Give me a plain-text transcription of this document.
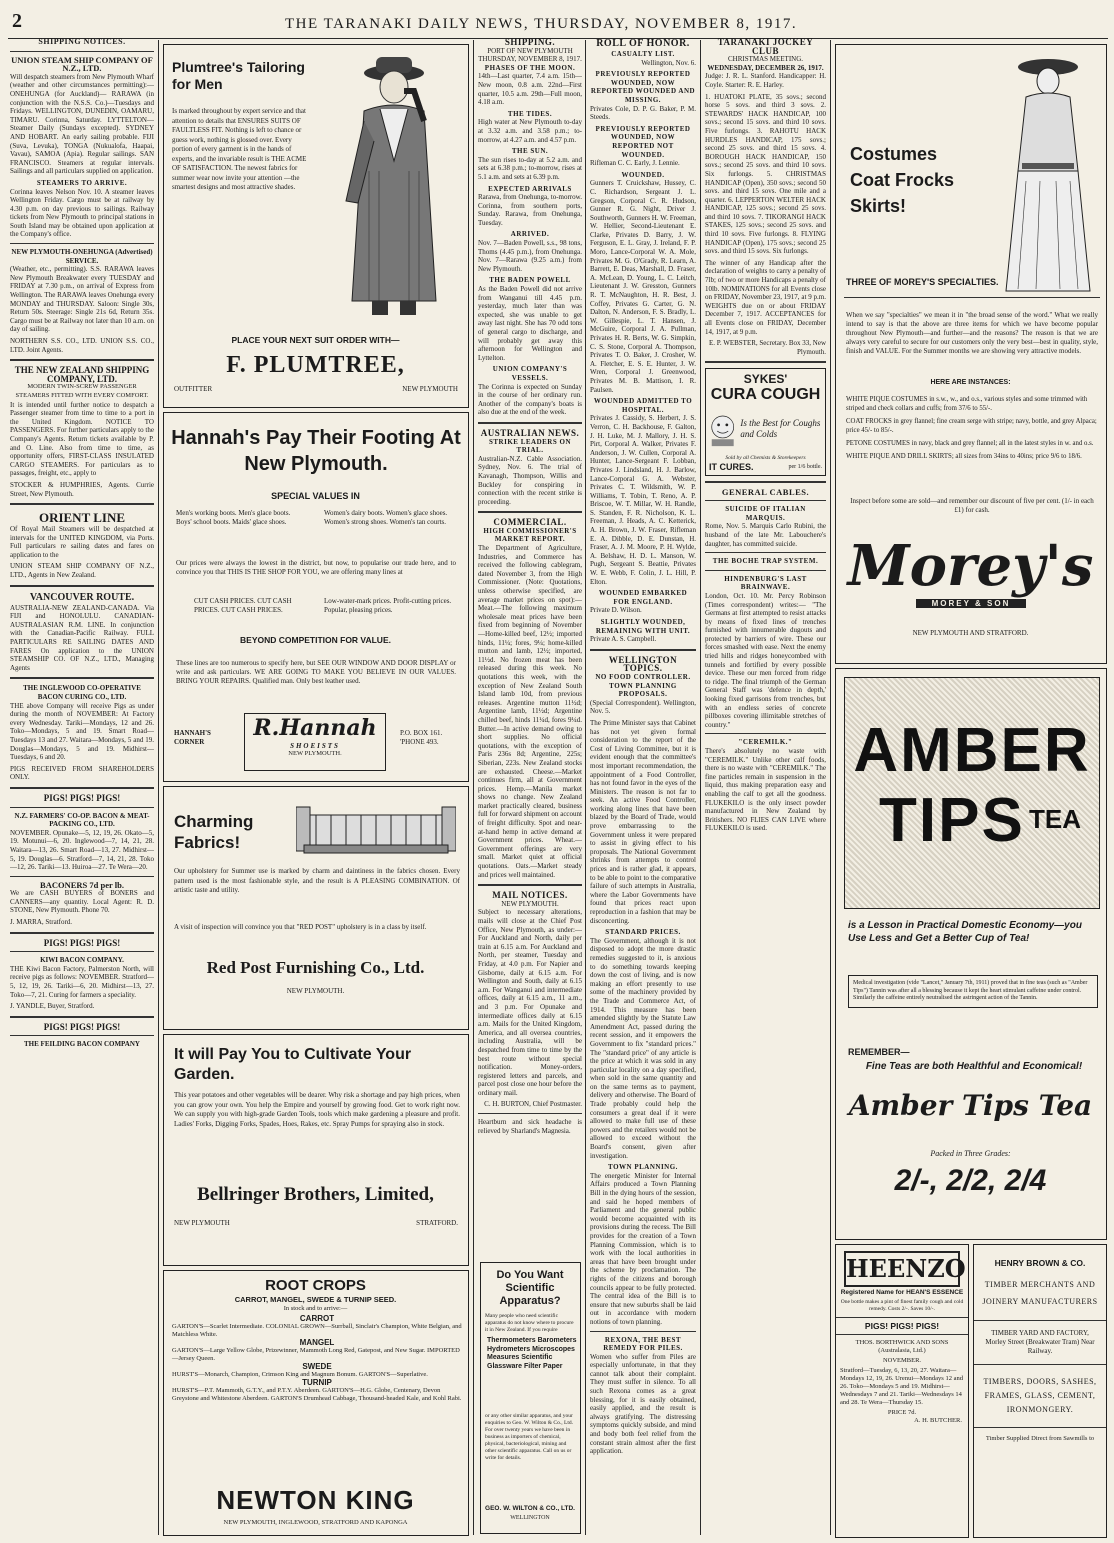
2	THE TARANAKI DAILY NEWS, THURSDAY, NOVEMBER 8, 1917.
SHIPPING NOTICES.
UNION STEAM SHIP COMPANY OF N.Z., LTD.

Will despatch steamers from New Plymouth Wharf (weather and other circumstances permitting):— ONEHUNGA (for Auckland)— RARAWA (in conjunction with the N.S.S. Co.)—Tuesdays and Fridays. WELLINGTON, DUNEDIN, OAMARU, TIMARU. Corinna, Saturday. LYTTELTON— Steamer Daily (Sundays excepted). SYDNEY AND HOBART. An early sailing probable. FIJI (Suva, Levuka), TONGA (Nukualofa, Haapai, Vavau), SAMOA (Apia). Regular sailings. SAN FRANCISCO. Steamers at regular intervals. Sailings and all particulars supplied on application.

STEAMERS TO ARRIVE.

Corinna leaves Nelson Nov. 10. A steamer leaves Wellington Friday. Cargo must be at railway by 4.30 p.m. on day previous to sailings. Railway tickets from New Plymouth to principal stations in South Island may be obtained upon application at the Company's office.

NEW PLYMOUTH-ONEHUNGA (Advertised) SERVICE.

(Weather, etc., permitting). S.S. RARAWA leaves New Plymouth Breakwater every TUESDAY and FRIDAY at 7.30 p.m., on arrival of Express from Wellington. The RARAWA leaves Onehunga every MONDAY and THURSDAY. Saloon: Single 30s, Return 50s. Steerage: Single 21s 6d, Return 35s. Cargo must be at Railway not later than 10 a.m. on day of sailing.

NORTHERN S.S. CO., LTD. UNION S.S. CO., LTD. Joint Agents.

THE NEW ZEALAND SHIPPING COMPANY, LTD.
MODERN TWIN-SCREW PASSENGER STEAMERS FITTED WITH EVERY COMFORT.

It is intended until further notice to despatch a Passenger steamer from time to time to a port in the United Kingdom. NOTICE TO PASSENGERS. For further particulars apply to the Company's Agents. Return tickets available by P. and O. Line. Also from time to time, as opportunity offers, FIRST-CLASS INSULATED CARGO STEAMERS. For particulars as to passages, freight, etc., apply to

STOCKER & HUMPHRIES, Agents. Currie Street, New Plymouth.

ORIENT LINE

Of Royal Mail Steamers will be despatched at intervals for the UNITED KINGDOM, via Ports. Full particulars re sailing dates and fares on application to the

UNION STEAM SHIP COMPANY OF N.Z., LTD., Agents in New Zealand.

VANCOUVER ROUTE.

AUSTRALIA-NEW ZEALAND-CANADA. Via FIJI and HONOLULU. CANADIAN-AUSTRALASIAN R.M. LINE. In conjunction with the Canadian-Pacific Railway. FULL PARTICULARS RE SAILING DATES AND FARES On application to the UNION STEAMSHIP CO. OF N.Z., LTD., Managing Agents

THE INGLEWOOD CO-OPERATIVE BACON CURING CO., LTD.

THE above Company will receive Pigs as under during the month of NOVEMBER: At Factory every Wednesday. Tariki—Mondays, 12 and 26. Toko—Mondays, 5 and 19. Smart Road—Tuesdays 13 and 27. Waitara—Mondays, 5 and 19. Douglas—Mondays, 5 and 19. Midhirst—Tuesdays, 6 and 20.

PIGS RECEIVED FROM SHAREHOLDERS ONLY.

PIGS! PIGS! PIGS!
N.Z. FARMERS' CO-OP. BACON & MEAT-PACKING CO., LTD.

NOVEMBER. Opunake—5, 12, 19, 26. Okato—5, 19. Motunui—6, 20. Inglewood—7, 14, 21, 28. Waitara—13, 26. Smart Road—13, 27. Midhirst—5, 19. Douglas—6. Stratford—7, 14, 21, 28. Toko—12, 26. Tariki—13. Huiroa—27. Te Wera—20.

BACONERS 7d per lb.

We are CASH BUYERS of BONERS and CANNERS—any quantity. Local Agent: R. D. STONE, New Plymouth. Phone 70.

J. MARRA, Stratford.

PIGS! PIGS! PIGS!
KIWI BACON COMPANY.

THE Kiwi Bacon Factory, Palmerston North, will receive pigs as follows: NOVEMBER. Stratford—5, 12, 19, 26. Tariki—6, 20. Midhirst—13, 27. Toko—7, 21. Curing for farmers a speciality.

J. YANDLE, Buyer, Stratford.

PIGS! PIGS! PIGS!
THE FEILDING BACON COMPANY
Plumtree's Tailoring for Men
Is marked throughout by expert service and that attention to details that ENSURES SUITS OF FAULTLESS FIT. Nothing is left to chance or guess work, nothing is glossed over. Every portion of every garment is in the hands of experts, and the invariable result is THE ACME OF SATISFACTION. The newest fabrics for summer wear now invite your attention —the smartest designs and most attractive shades.
PLACE YOUR NEXT SUIT ORDER WITH—
F. PLUMTREE,
OUTFITTER	NEW PLYMOUTH
Hannah's Pay Their Footing At New Plymouth.
SPECIAL VALUES IN
Men's working boots. Men's glace boots. Boys' school boots. Maids' glace shoes.
Women's dairy boots. Women's glace shoes. Women's strong shoes. Women's tan courts.
Our prices were always the lowest in the district, but now, to popularise our trade here, and to convince you that THIS IS THE SHOP FOR YOU, we are offering many lines at
CUT CASH PRICES. CUT CASH PRICES. CUT CASH PRICES.
Low-water-mark prices. Profit-cutting prices. Popular, pleasing prices.
BEYOND COMPETITION FOR VALUE.
These lines are too numerous to specify here, but SEE OUR WINDOW AND DOOR DISPLAY or write and ask particulars. WE ARE GOING TO MAKE YOU BELIEVE IN OUR VALUES. BRING YOUR REPAIRS. Qualified man. Only best leather used.
HANNAH'S CORNER
R.Hannah
SHOEISTS
NEW PLYMOUTH.
P.O. BOX 161. 'PHONE 493.
Charming Fabrics!
Our upholstery for Summer use is marked by charm and daintiness in the fabrics chosen. Every pattern used is the most fashionable style, and the result is A PLEASING COMBINATION. Of artistic taste and utility.
A visit of inspection will convince you that "RED POST" upholstery is in a class by itself.
Red Post Furnishing Co., Ltd.
NEW PLYMOUTH.
It will Pay You to Cultivate Your Garden.
This year potatoes and other vegetables will be dearer. Why risk a shortage and pay high prices, when you can grow your own. You help the Empire and yourself by growing food. Get to work right now. We can supply you with high-grade Garden Tools, tools which make gardening a pleasure and profit. Ladies' Forks, Digging Forks, Spades, Hoes, Rakes, etc. Spray Pumps for spraying also in stock.
Bellringer Brothers, Limited,
NEW PLYMOUTH	STRATFORD.
ROOT CROPS
CARROT, MANGEL, SWEDE & TURNIP SEED.
In stock and to arrive:—
CARROT
GARTON'S—Scarlet Intermediate. COLONIAL GROWN—Surrball, Sinclair's Champion, White Belgian, and Matchless White.
MANGEL
GARTON'S—Large Yellow Globe, Prizewinner, Mammoth Long Red, Gatepost, and New Sugar. IMPORTED—Jersey Queen.
SWEDE
HURST'S—Monarch, Champion, Crimson King and Magnum Bonum. GARTON'S—Superlative.
TURNIP
HURST'S—P.T. Mammoth, G.T.Y., and P.T.Y. Aberdeen. GARTON'S—H.G. Globe, Centenary, Devon Greystone and Whitestone Aberdeen. GARTON'S Drumhead Cabbage, Thousand-headed Kale, and Kohl Rabi.
NEWTON KING
NEW PLYMOUTH, INGLEWOOD, STRATFORD AND KAPONGA
SHIPPING.
PORT OF NEW PLYMOUTH
THURSDAY, NOVEMBER 8, 1917.
PHASES OF THE MOON.

14th—Last quarter, 7.4 a.m. 15th—New moon, 0.8 a.m. 22nd—First quarter, 10.5 a.m. 29th—Full moon, 4.18 a.m.

THE TIDES.

High water at New Plymouth to-day at 3.32 a.m. and 3.58 p.m.; to-morrow, at 4.27 a.m. and 4.57 p.m.

THE SUN.

The sun rises to-day at 5.2 a.m. and sets at 6.38 p.m.; to-morrow, rises at 5.1 a.m. and sets at 6.39 p.m.

EXPECTED ARRIVALS

Rarawa, from Onehunga, to-morrow. Corinna, from southern ports, Sunday. Rarawa, from Onehunga, Tuesday.

ARRIVED.

Nov. 7—Baden Powell, s.s., 98 tons, Thoms (4.45 p.m.), from Onehunga. Nov. 7—Rarawa (9.25 a.m.) from New Plymouth.

THE BADEN POWELL

As the Baden Powell did not arrive from Wanganui till 4.45 p.m. yesterday, much later than was expected, she was unable to get away last night. She has 70 odd tons of general cargo to discharge, and will probably get away this afternoon for Wellington and Lyttelton.

UNION COMPANY'S VESSELS.

The Corinna is expected on Sunday in the course of her ordinary run. Another of the company's boats is also due at the end of the week.

AUSTRALIAN NEWS.
STRIKE LEADERS ON TRIAL.

Australian-N.Z. Cable Association. Sydney, Nov. 6. The trial of Kavanagh, Thompson, Willis and Buckley for conspiring in connection with the recent strike is proceeding.

COMMERCIAL.
HIGH COMMISSIONER'S MARKET REPORT.

The Department of Agriculture, Industries, and Commerce has received the following cablegram, dated November 3, from the High Commissioner. (Note: Quotations, unless otherwise specified, are average market prices on spot):— Meat.—The following maximum wholesale meat prices have been fixed from beginning of November—Home-killed beef, 12½; imported hinds, 11¼; fores, 9¼; home-killed mutton and lamb, 12½; imported, 11½d. No frozen meat has been released during this week. No quotations this week, with the exception of New Zealand South Island lamb 10d, from previous releases. Argentine mutton 11½d; Argentine lamb, 11½d; Argentine chilled beef, hinds 11¼d, fores 9¼d. Butter.—In active demand owing to short supplies. No official quotations, with the exception of Paris 236s 8d; Argentine, 225s; Siberian, 223s. New Zealand stocks are exhausted. Cheese.—Market continues firm, all at Government prices. Hemp.—Manila market shows no change. New Zealand market practically cleared, business full for forward shipment on account of freight difficulty. Spot and near-at-hand hemp in active demand at Government prices. Wheat.—Government offerings are very small. Market quiet at official quotations. Oats.—Market steady and prices well maintained.

MAIL NOTICES.
NEW PLYMOUTH.

Subject to necessary alterations, mails will close at the Chief Post Office, New Plymouth, as under:— For Auckland and North, daily per train at 6.15 a.m. For Auckland and North, per steamer, Tuesday and Friday, at 4.0 p.m. For Napier and Gisborne, daily at 6.15 a.m. For Wellington and South, daily at 6.15 a.m. For Wanganui and intermediate offices, daily at 6.15 a.m., 11 a.m., and 3 p.m. For Opunake and intermediate offices daily at 6.15 a.m. Mails for the United Kingdom, America, and all oversea countries, including Australia, will be despatched from time to time by the best route without special notification. Money-orders, registered letters and parcels, and parcel post close one hour before the ordinary mail.

C. H. BURTON, Chief Postmaster.

Heartburn and sick headache is relieved by Sharland's Magnesia.

Do You Want Scientific Apparatus?
Many people who need scientific apparatus do not know where to procure it in New Zealand. If you require
Thermometers Barometers Hydrometers Microscopes Measures Scientific Glassware Filter Paper
or any other similar apparatus, and your enquiries to Geo. W. Wilton & Co., Ltd. For over twenty years we have been in business as importers of chemical, physical, bacteriological, mining and other scientific apparatus. Call on us or write for details.
GEO. W. WILTON & CO., LTD.
WELLINGTON
ROLL OF HONOR.
CASUALTY LIST.

Wellington, Nov. 6.

PREVIOUSLY REPORTED WOUNDED, NOW REPORTED WOUNDED AND MISSING.

Privates Cole, D. P. G. Baker, P. M. Steeds.

PREVIOUSLY REPORTED WOUNDED, NOW REPORTED NOT WOUNDED.

Rifleman C. C. Early, J. Lennie.

WOUNDED.

Gunners T. Cruickshaw, Hussey, C. C. Richardson, Sergeant J. L. Gregson, Corporal C. R. Hudson, Gunner R. G. Night, Driver J. Southworth, Gunners H. W. Freeman, W. Hellier, Second-Lieutenant E. Clarke, Privates D. Barry, J. W. Ferguson, E. L. Gray, J. Ireland, F. P. Moro, Lance-Corporal W. A. Mole, Privates M. G. O'Grady, R. Learn, A. Barrett, E. Deas, Marshall, D. Fraser, A. McLean, D. Young, L. C. Leitch, Lieutenant J. W. Gresston, Gunners R. T. McNaughton, H. R. Best, J. Coffey, Privates G. Carter, G. N. Dalton, N. Anderson, F. S. Bradly, L. W. Gillespie, L. T. Hansen, J. McGuire, Corporal J. A. Pullman, Privates H. R. Berts, W. G. Simpkin, C. S. Stone, Corporal A. Thompson, Privates T. O. Baker, J. Crosher, W. A. Fletcher, E. S. E. Hunter, J. W. Wren, Corporal J. Greenwood, Privates M. B. Mattison, I. R. Paulsen.

WOUNDED ADMITTED TO HOSPITAL.

Privates J. Cassidy, S. Herbert, J. S. Verron, C. H. Backhouse, F. Galton, J. H. Luke, M. J. Mallory, J. H. S. Pirt, Corporal A. Walker, Privates F. Anderson, J. W. Cullen, Corporal A. Hunter, Lance-Sergeant F. Lobban, Privates J. Lindsland, H. J. Barlow, Lance-Corporal G. A. Webster, Privates C. T. Wildsmith, W. P. Williams, T. Tobin, T. Reno, A. P. Briscoe, W. T. Millar, W. H. Randle, S. Standen, F. R. Nicholson, K. L. Freeman, J. Heads, A. C. Ketterick, A. H. Brown, J. W. Fraser, Rifleman E. A. Dibble, D. E. Dunstan, H. Fraser, A. J. M. Moore, P. H. Wylde, A. Belshaw, H. D. L. Manson, W. Pugh, Sergeant S. Beattie, Privates W. E. Webb, F. Colin, J. L. Hill, P. Elton.

WOUNDED EMBARKED FOR ENGLAND.

Private D. Wilson.

SLIGHTLY WOUNDED, REMAINING WITH UNIT.

Private A. S. Campbell.

WELLINGTON TOPICS.
NO FOOD CONTROLLER.
TOWN PLANNING PROPOSALS.

(Special Correspondent). Wellington, Nov. 5.

The Prime Minister says that Cabinet has not yet given formal consideration to the report of the Cost of Living Committee, but it is evident enough that the committee's most important recommendation, the appointment of a Food Controller, has not found favor in the eyes of the Ministers. The reason is not far to seek. An active Food Controller, working along lines that have been blazed by the Board of Trade, would prove embarrassing to the Government unless it were prepared to assist in giving effect to his proposals. The National Government shrinks from attempts to control prices and is rather glad, it appears, to be able to point to the comparative failure of such attempts in Australia, where the Labor Governments have found that prices react upon reproduction in a fashion that may be disconcerting.

STANDARD PRICES.

The Government, although it is not disposed to adopt the more drastic remedies suggested to it, is anxious to do something towards keeping down the cost of living, and is now making an effort presently to use some of the machinery provided by the Trade and Commerce Act, of 1914. This measure has been amended slightly by the Statute Law Amendment Act, passed during the recent session, and it empowers the Government to fix "standard prices." The "standard price" of any article is the price at which it was sold in any particular locality on a day specified, when sold in the same quantity and on the same terms as to payment, delivery and otherwise. The Board of Trade probably could help the consumers a great deal if it were allowed to make full use of these powers and the retailers would not be allowed to exceed without the Board's consent, given after investigation.

TOWN PLANNING.

The energetic Minister for Internal Affairs produced a Town Planning Bill in the dying hours of the session, and said he hoped members of Parliament and the general public would become acquainted with its provisions during the recess. The Bill provides for the creation of a Town Planning Commission, which is to work with the local authorities in areas that have been brought under the scheme by proclamation. The rights of the citizens and borough councils appear to be fully protected. The central idea of the Bill is to ensure that new suburbs shall be laid out in accordance with modern notions of town planning.

REXONA, THE BEST REMEDY FOR PILES.

Women who suffer from Piles are especially unfortunate, in that they cannot talk about their complaint. They must suffer in silence. To all such Rexona comes as a great blessing, for it is easily obtained, easily applied, and the result is always gratifying. The distressing symptoms quickly subside, and mind and body both feel relief from the constant strain almost after the first application.

TARANAKI JOCKEY CLUB
CHRISTMAS MEETING.
WEDNESDAY, DECEMBER 26, 1917.

Judge: J. R. L. Stanford. Handicapper: H. Coyle. Starter: R. E. Harley.

1. HUATOKI PLATE, 35 sovs.; second horse 5 sovs. and third 3 sovs. 2. STEWARDS' HACK HANDICAP, 100 sovs.; second 15 sovs. and third 10 sovs. Five furlongs. 3. RAHOTU HACK HURDLES HANDICAP, 175 sovs.; second 25 sovs. and third 15 sovs. 4. BOROUGH HACK HANDICAP, 150 sovs.; second 25 sovs. and third 10 sovs. Six furlongs. 5. CHRISTMAS HANDICAP (Open), 350 sovs.; second 50 sovs. and third 15 sovs. One mile and a quarter. 6. LEPPERTON WELTER HACK HANDICAP, 125 sovs.; second 25 sovs. and third 10 sovs. 7. TIKORANGI HACK STAKES, 125 sovs.; second 25 sovs. and third 10 sovs. Five furlongs. 8. FLYING HANDICAP (Open), 175 sovs.; second 25 sovs. and third 15 sovs. Six furlongs.

The winner of any Handicap after the declaration of weights to carry a penalty of 7lb; of two or more Handicaps a penalty of 10lb. NOMINATIONS for all Events close on FRIDAY, November 23, 1917, at 9 p.m. WEIGHTS due on or about FRIDAY December 7, 1917. ACCEPTANCES for all Events close on FRIDAY, December 14, 1917, at 9 p.m.

E. P. WEBSTER, Secretary. Box 33, New Plymouth.

SYKES'
CURA COUGH
Is the Best for Coughs and Colds
Sold by all Chemists & Storekeepers
IT CURES.	per 1/6 bottle.
GENERAL CABLES.
SUICIDE OF ITALIAN MARQUIS.

Rome, Nov. 5. Marquis Carlo Rubini, the husband of the late Mr. Labouchere's daughter, has committed suicide.

THE BOCHE TRAP SYSTEM.
HINDENBURG'S LAST BRAINWAVE.

London, Oct. 10. Mr. Percy Robinson (Times correspondent) writes:— "The Germans at first attempted to resist attacks by means of fixed lines of trenches furnished with innumerable dugouts and protected by barriers of wire. These our forces smashed with ease. Next the enemy tried hills and ridges honeycombed with tunnels and fortified by every possible device. These our men forced from ridge to ridge. The final triumph of the German General Staff was 'defence in depth,' looking fixed garrisons from trenches, but with an endless series of concrete pillboxes covering illimitable stretches of country."

"CEREMILK."

There's absolutely no waste with "CEREMILK." Unlike other calf foods, there is no waste with "CEREMILK." The fine particles remain in suspension in the liquid, thus making preparation easy and enabling the calf to get all the goodness. FLUKEKILO is the only insect powder manufactured in New Zealand by Britishers. NO FLIES CAN LIVE where FLUKEKILO is used.

Costumes
Coat Frocks
Skirts!
THREE OF MOREY'S SPECIALTIES.
When we say "specialties" we mean it in "the broad sense of the word." What we really intend to say is that the above are three items for which we have become popular throughout New Plymouth—and further—and the reasons? The reason is that we are always very careful to secure for our customers only the very best—best in quality, style, finish and VALUE. For the Summer months we are showing very attractive models.
HERE ARE INSTANCES:

WHITE PIQUE COSTUMES in s.w., w., and o.s., various styles and some trimmed with striped and check collars and cuffs; from 37/6 to 55/-.

COAT FROCKS in grey flannel; fine cream serge with stripe; navy, bottle, and grey Alpaca; price 45/- to 85/-.

PETONE COSTUMES in navy, black and grey flannel; all in the latest styles in w. and o.s.

WHITE PIQUE AND DRILL SKIRTS; all sizes from 34ins to 40ins; price 9/6 to 18/6.

Inspect before some are sold—and remember our discount of five per cent. (1/- in each £1) for cash.
Morey's
MOREY & SON
NEW PLYMOUTH AND STRATFORD.
AMBER
TIPS TEA
is a Lesson in Practical Domestic Economy—you Use Less and Get a Better Cup of Tea!
Medical investigation (vide "Lancet," January 7th, 1911) proved that in fine teas (such as "Amber Tips") Tannin was after all a blessing because it kept the heart stimulant caffeine under control. Similarly the caffeine entirely neutralised the astringent action of the Tannin.
REMEMBER—
Fine Teas are both Healthful and Economical!
Amber Tips Tea
Packed in Three Grades:
2/-, 2/2, 2/4
HEENZO
Registered Name for HEAN'S ESSENCE
One bottle makes a pint of finest family cough and cold remedy. Costs 2/-. Saves 10/-.
PIGS! PIGS! PIGS!
THOS. BORTHWICK AND SONS (Australasia, Ltd.)
NOVEMBER.
Stratford—Tuesday, 6, 13, 20, 27. Waitara—Mondays 12, 19, 26. Urenui—Mondays 12 and 26. Toko—Mondays 5 and 19. Midhirst—Wednesdays 7 and 21. Tariki—Wednesdays 14 and 28. Te Wera—Thursday 15.
PRICE 7d.
A. H. BUTCHER.
HENRY BROWN & CO.
TIMBER MERCHANTS AND
JOINERY MANUFACTURERS
TIMBER YARD AND FACTORY, Morley Street (Breakwater Tram) Near Railway.
TIMBERS, DOORS, SASHES, FRAMES, GLASS, CEMENT, IRONMONGERY.
Timber Supplied Direct from Sawmills to
